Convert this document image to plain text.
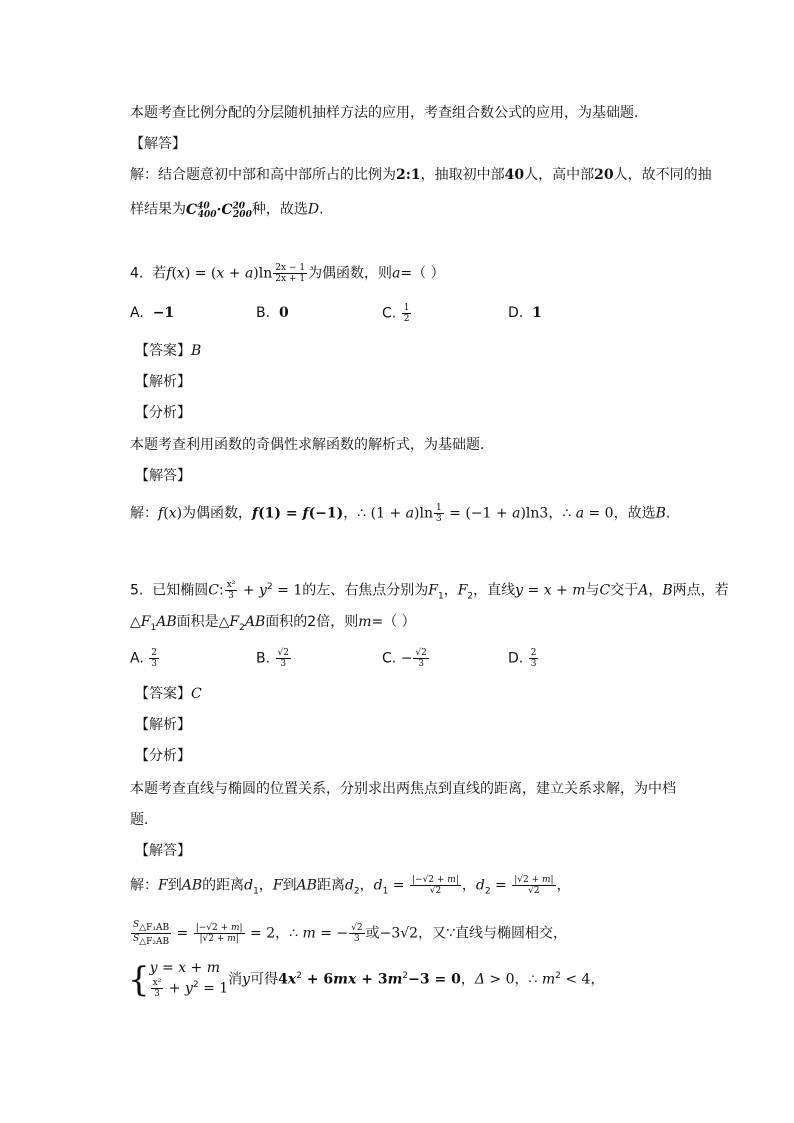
本题考查比例分配的分层随机抽样方法的应用，考查组合数公式的应用，为基础题．
【解答】
解：结合题意初中部和高中部所占的比例为2:1，抽取初中部40人，高中部20人，故不同的抽
样结果为$C^{40}_{400}\cdot C^{20}_{200}$种，故选D.
4. 若$f(x) = (x + a)\ln \frac{2x - 1}{2x + 1}$ 为偶函数，则a=（ ）
A. −1	B. 0	C. $\frac{1}{2}$	D. 1
【答案】B
【解析】
【分析】
本题考查利用函数的奇偶性求解函数的解析式，为基础题．
【解答】
解：f(x)为偶函数，f(1) = f(−1)，∴ $(1 + a)\ln \frac{1}{3} = (-1 + a)\ln 3$，∴ a = 0，故选B.
5. 已知椭圆C: $\frac{\text{x²}}{3} + y^2 = 1$的左、右焦点分别为$F_1$，$F_2$，直线y = x + m与C交于A，B两点，若
$\triangle F_1AB$面积是$\triangle F_2AB$面积的2倍，则m=（ ）
A. $\frac{2}{3}$	B. $\frac{√2}{3}$	C. − $\frac{√2}{3}$	D. $\frac{2}{3}$
【答案】C
【解析】
【分析】
本题考查直线与椭圆的位置关系，分别求出两焦点到直线的距离，建立关系求解，为中档
题．
【解答】
解：F到AB的距离$d_1$，F到AB距离$d_2$，$d_1 = \frac{|-√2 + m|}{√2}$ ，$d_2 = \frac{|√2 + m|}{√2}$ ，
$\frac{S_{\triangle F_1AB}}{S_{\triangle F_2AB}} = \frac{|-√2 + m|}{|√2 + m|} = 2$，∴ m = − $\frac{√2}{3}$ 或−3√2，又∵直线与椭圆相交，
{ y = x + m
$\frac{\text{x²}}{3} + y^2 = 1$
消y可得$4x^2 + 6mx + 3m^2-3 = 0$，Δ > 0，∴ $m^2 < 4$，
